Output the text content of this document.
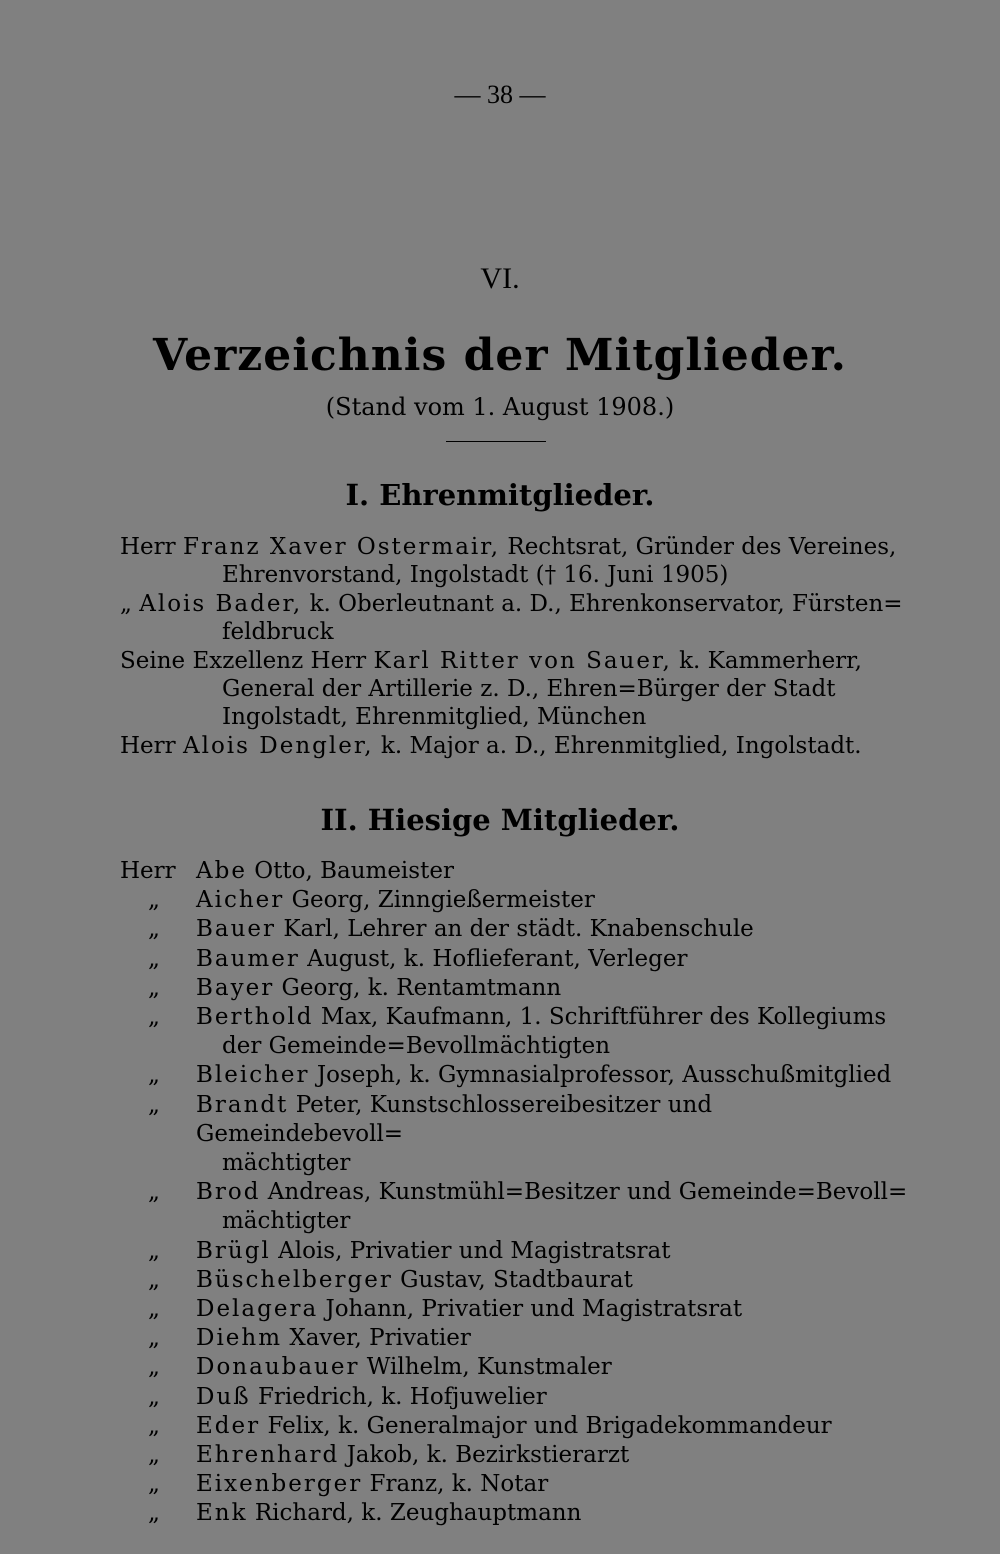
— 38 —
VI.
Verzeichnis der Mitglieder.
(Stand vom 1. August 1908.)
I. Ehrenmitglieder.
Herr Franz Xaver Ostermair, Rechtsrat, Gründer des Vereines,
Ehrenvorstand, Ingolstadt († 16. Juni 1905)
„ Alois Bader, k. Oberleutnant a. D., Ehrenkonservator, Fürsten=
feldbruck
Seine Exzellenz Herr Karl Ritter von Sauer, k. Kammerherr,
General der Artillerie z. D., Ehren=Bürger der Stadt
Ingolstadt, Ehrenmitglied, München
Herr Alois Dengler, k. Major a. D., Ehrenmitglied, Ingolstadt.
II. Hiesige Mitglieder.
Herr Abe Otto, Baumeister
„ Aicher Georg, Zinngießermeister
„ Bauer Karl, Lehrer an der städt. Knabenschule
„ Baumer August, k. Hoflieferant, Verleger
„ Bayer Georg, k. Rentamtmann
„ Berthold Max, Kaufmann, 1. Schriftführer des Kollegiums
der Gemeinde=Bevollmächtigten
„ Bleicher Joseph, k. Gymnasialprofessor, Ausschußmitglied
„ Brandt Peter, Kunstschlossereibesitzer und Gemeindebevoll=
mächtigter
„ Brod Andreas, Kunstmühl=Besitzer und Gemeinde=Bevoll=
mächtigter
„ Brügl Alois, Privatier und Magistratsrat
„ Büschelberger Gustav, Stadtbaurat
„ Delagera Johann, Privatier und Magistratsrat
„ Diehm Xaver, Privatier
„ Donaubauer Wilhelm, Kunstmaler
„ Duß Friedrich, k. Hofjuwelier
„ Eder Felix, k. Generalmajor und Brigadekommandeur
„ Ehrenhard Jakob, k. Bezirkstierarzt
„ Eixenberger Franz, k. Notar
„ Enk Richard, k. Zeughauptmann
